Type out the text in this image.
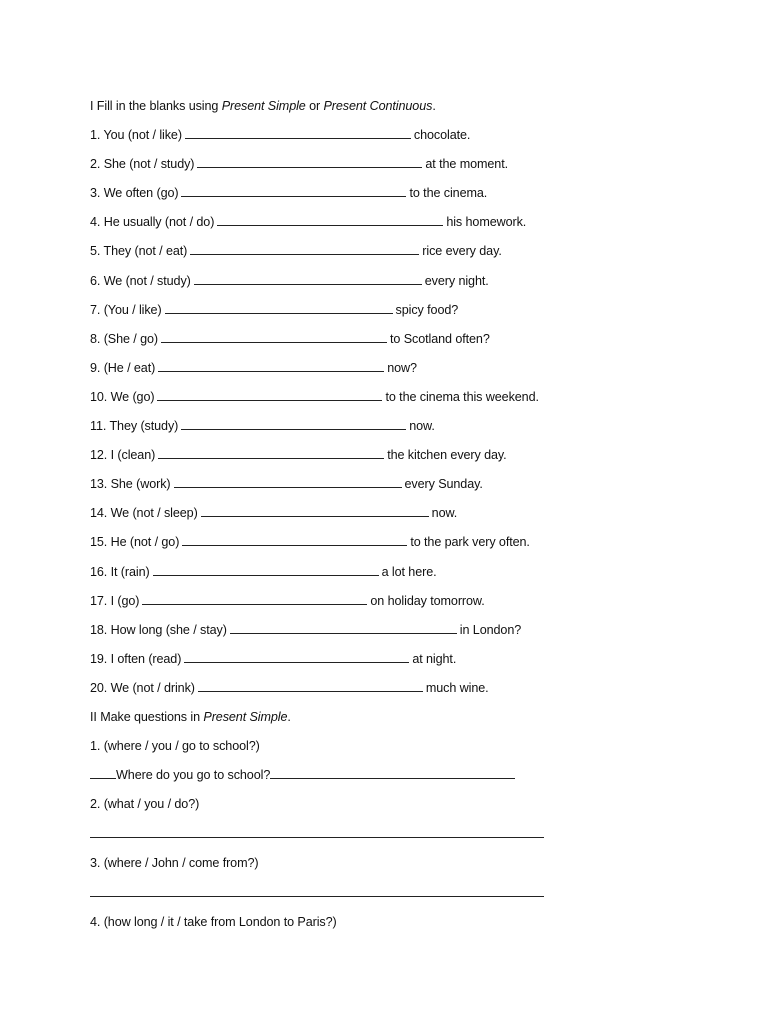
I Fill in the blanks using Present Simple or Present Continuous.
1. You (not / like)	chocolate.
2. She (not / study)	at the moment.
3. We often (go)	to the cinema.
4. He usually (not / do)	his homework.
5. They (not / eat)	rice every day.
6. We (not / study)	every night.
7. (You / like)	spicy food?
8. (She / go)	to Scotland often?
9. (He / eat)	now?
10. We (go)	to the cinema this weekend.
11. They (study)	now.
12. I (clean)	the kitchen every day.
13. She (work)	every Sunday.
14. We (not / sleep)	now.
15. He (not / go)	to the park very often.
16. It (rain)	a lot here.
17. I (go)	on holiday tomorrow.
18. How long (she / stay)	in London?
19. I often (read)	at night.
20. We (not / drink)	much wine.
II Make questions in Present Simple.
1. (where / you / go to school?)
Where do you go to school?
2. (what / you / do?)
3. (where / John / come from?)
4. (how long / it / take from London to Paris?)
